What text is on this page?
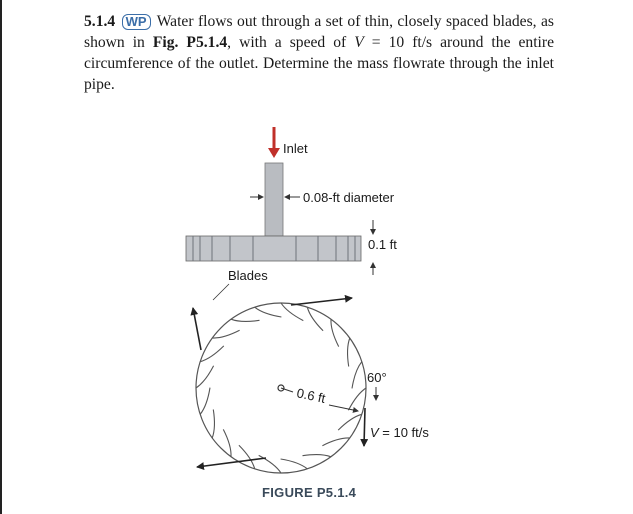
5.1.4 WP Water flows out through a set of thin, closely spaced blades, as shown in Fig. P5.1.4, with a speed of V = 10 ft/s around the entire circumference of the outlet. Determine the mass flowrate through the inlet pipe.
Inlet
0.08-ft diameter
0.1 ft
Blades
0.6 ft
60°
V = 10 ft/s
FIGURE P5.1.4
